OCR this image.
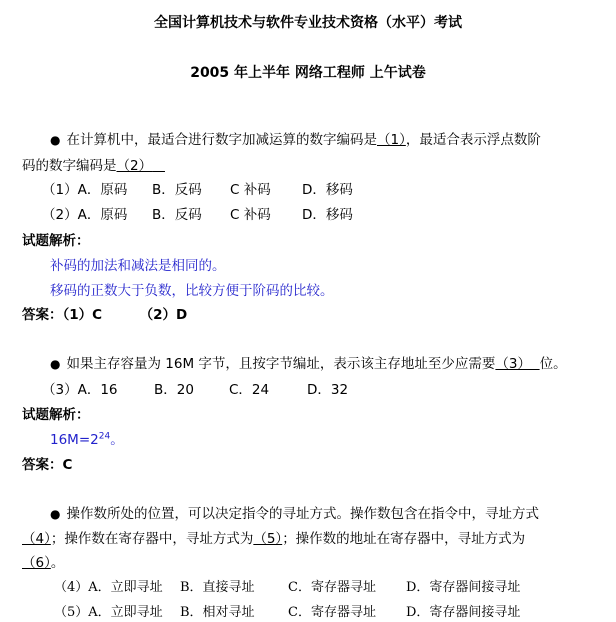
全国计算机技术与软件专业技术资格（水平）考试
2005 年上半年 网络工程师 上午试卷
● 在计算机中，最适合进行数字加减运算的数字编码是（1），最适合表示浮点数阶
码的数字编码是（2）
（1）A．原码 B．反码 C 补码 D．移码
（2）A．原码 B．反码 C 补码 D．移码
试题解析：
补码的加法和减法是相同的。
移码的正数大于负数，比较方便于阶码的比较。
答案：（1）C        （2）D
● 如果主存容量为 16M 字节，且按字节编址，表示该主存地址至少应需要（3） 位。
（3）A．16	B．20	C．24	D．32
试题解析：
$16M=2^{24}$。
答案：C
● 操作数所处的位置，可以决定指令的寻址方式。操作数包含在指令中，寻址方式
（4）；操作数在寄存器中，寻址方式为（5）；操作数的地址在寄存器中，寻址方式为
（6）。
（4）A．立即寻址 B．直接寻址	C．寄存器寻址 D．寄存器间接寻址
（5）A．立即寻址 B．相对寻址	C．寄存器寻址 D．寄存器间接寻址
